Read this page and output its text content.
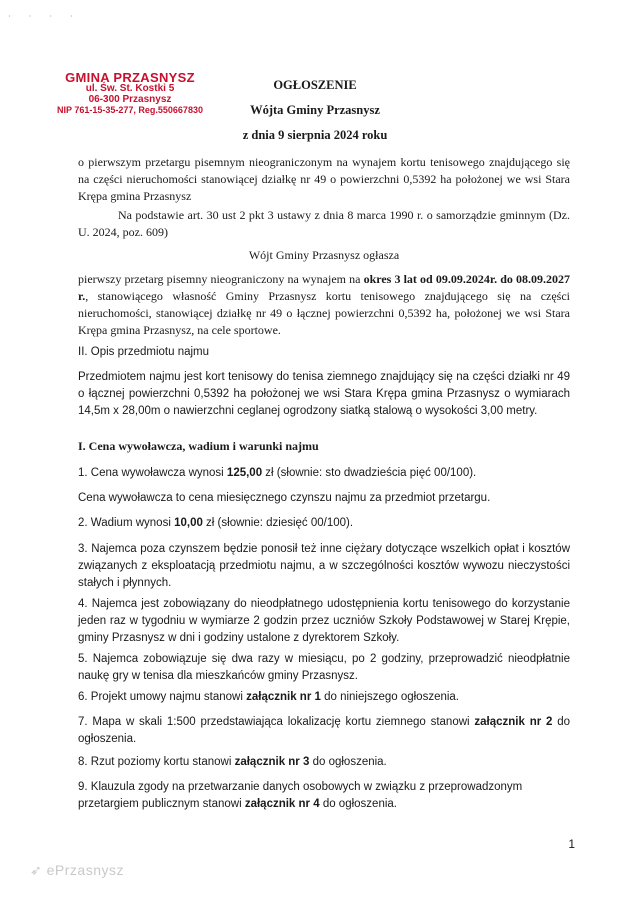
· · · ·
GMINA PRZASNYSZ
ul. Św. St. Kostki 5
06-300 Przasnysz
NIP 761-15-35-277, Reg.550667830
OGŁOSZENIE
Wójta Gminy Przasnysz
z dnia 9 sierpnia 2024 roku
o pierwszym przetargu pisemnym nieograniczonym na wynajem kortu tenisowego znajdującego się na części nieruchomości stanowiącej działkę nr 49 o powierzchni 0,5392 ha położonej we wsi Stara Krępa gmina Przasnysz
Na podstawie art. 30 ust 2 pkt 3 ustawy z dnia 8 marca 1990 r. o samorządzie gminnym (Dz. U. 2024, poz. 609)
Wójt Gminy Przasnysz ogłasza
pierwszy przetarg pisemny nieograniczony na wynajem na okres 3 lat od 09.09.2024r. do 08.09.2027 r., stanowiącego własność Gminy Przasnysz kortu tenisowego znajdującego się na części nieruchomości, stanowiącej działkę nr 49 o łącznej powierzchni 0,5392 ha, położonej we wsi Stara Krępa gmina Przasnysz, na cele sportowe.
II. Opis przedmiotu najmu
Przedmiotem najmu jest kort tenisowy do tenisa ziemnego znajdujący się na części działki nr 49 o łącznej powierzchni 0,5392 ha położonej we wsi Stara Krępa gmina Przasnysz o wymiarach 14,5m x 28,00m o nawierzchni ceglanej ogrodzony siatką stalową o wysokości 3,00 metry.
I. Cena wywoławcza, wadium i warunki najmu
1. Cena wywoławcza wynosi 125,00 zł (słownie: sto dwadzieścia pięć 00/100).
Cena wywoławcza to cena miesięcznego czynszu najmu za przedmiot przetargu.
2. Wadium wynosi 10,00 zł (słownie: dziesięć 00/100).
3. Najemca poza czynszem będzie ponosił też inne ciężary dotyczące wszelkich opłat i kosztów związanych z eksploatacją przedmiotu najmu, a w szczególności kosztów wywozu nieczystości stałych i płynnych.
4. Najemca jest zobowiązany do nieodpłatnego udostępnienia kortu tenisowego do korzystanie jeden raz w tygodniu w wymiarze 2 godzin przez uczniów Szkoły Podstawowej w Starej Krępie, gminy Przasnysz w dni i godziny ustalone z dyrektorem Szkoły.
5. Najemca zobowiązuje się dwa razy w miesiącu, po 2 godziny, przeprowadzić nieodpłatnie naukę gry w tenisa dla mieszkańców gminy Przasnysz.
6. Projekt umowy najmu stanowi załącznik nr 1 do niniejszego ogłoszenia.
7. Mapa w skali 1:500 przedstawiająca lokalizację kortu ziemnego stanowi załącznik nr 2 do ogłoszenia.
8. Rzut poziomy kortu stanowi załącznik nr 3 do ogłoszenia.
9. Klauzula zgody na przetwarzanie danych osobowych w związku z przeprowadzonym przetargiem publicznym stanowi załącznik nr 4 do ogłoszenia.
1
➶ ePrzasnysz
